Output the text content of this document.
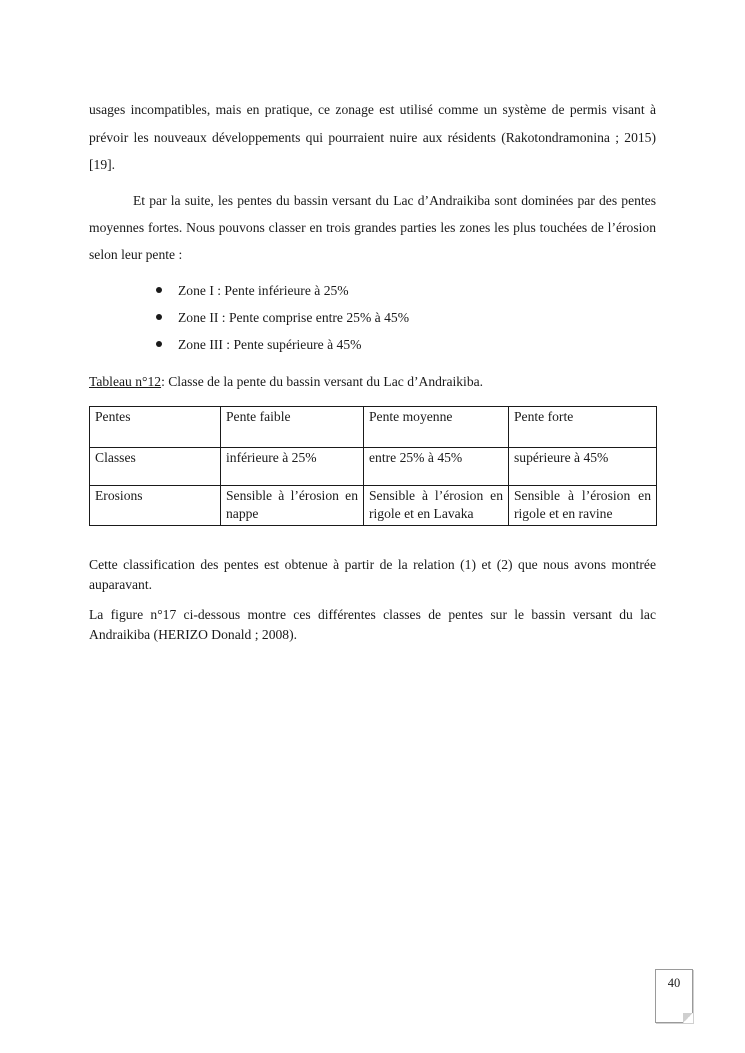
usages incompatibles, mais en pratique, ce zonage est utilisé comme un système de permis visant à prévoir les nouveaux développements qui pourraient nuire aux résidents (Rakotondramonina ; 2015) [19].

Et par la suite, les pentes du bassin versant du Lac d’Andraikiba sont dominées par des pentes moyennes fortes. Nous pouvons classer en trois grandes parties les zones les plus touchées de l’érosion selon leur pente :

Zone I : Pente inférieure à 25%
Zone II : Pente comprise entre 25% à 45%
Zone III : Pente supérieure à 45%
Tableau n°12: Classe de la pente du bassin versant du Lac d’Andraikiba.
Pentes	Pente faible	Pente moyenne	Pente forte
Classes	inférieure à 25%	entre 25% à 45%	supérieure à 45%
Erosions	Sensible à l’érosion en nappe	Sensible à l’érosion en rigole et en Lavaka	Sensible à l’érosion en rigole et en ravine

Cette classification des pentes est obtenue à partir de la relation (1) et (2) que nous avons montrée auparavant.

La figure n°17 ci-dessous montre ces différentes classes de pentes sur le bassin versant du lac Andraikiba (HERIZO Donald ; 2008).

40
